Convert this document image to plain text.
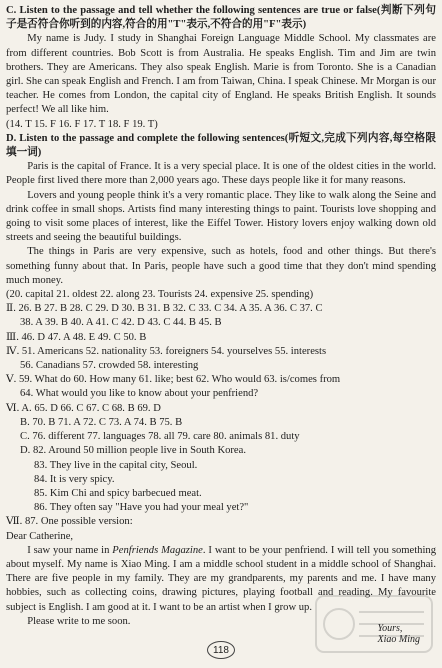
C. Listen to the passage and tell whether the following sentences are true or false(判断下列句子是否符合你听到的内容,符合的用"T"表示,不符合的用"F"表示)

My name is Judy. I study in Shanghai Foreign Language Middle School. My classmates are from different countries. Bob Scott is from Australia. He speaks English. Tim and Jim are twin brothers. They are Americans. They also speak English. Marie is from Toronto. She is a Canadian girl. She can speak English and French. I am from Taiwan, China. I speak Chinese. Mr Morgan is our teacher. He comes from London, the capital city of England. He speaks British English. It sounds perfect! We all like him.

(14. T 15. F 16. F 17. T 18. F 19. T)

D. Listen to the passage and complete the following sentences(听短文,完成下列内容,每空格限填一词)

Paris is the capital of France. It is a very special place. It is one of the oldest cities in the world. People first lived there more than 2,000 years ago. These days people like it for many reasons.

Lovers and young people think it's a very romantic place. They like to walk along the Seine and drink coffee in small shops. Artists find many interesting things to paint. Tourists love shopping and going to visit some places of interest, like the Eiffel Tower. History lovers enjoy walking down old streets and seeing the beautiful buildings.

The things in Paris are very expensive, such as hotels, food and other things. But there's something funny about that. In Paris, people have such a good time that they don't mind spending much money.

(20. capital 21. oldest 22. along 23. Tourists 24. expensive 25. spending)

Ⅱ. 26. B 27. B 28. C 29. D 30. B 31. B 32. C 33. C 34. A 35. A 36. C 37. C

38. A 39. B 40. A 41. C 42. D 43. C 44. B 45. B

Ⅲ. 46. D 47. A 48. E 49. C 50. B

Ⅳ. 51. Americans 52. nationality 53. foreigners 54. yourselves 55. interests

56. Canadians 57. crowded 58. interesting

Ⅴ. 59. What do 60. How many 61. like; best 62. Who would 63. is/comes from

64. What would you like to know about your penfriend?

Ⅵ. A. 65. D 66. C 67. C 68. B 69. D

B. 70. B 71. A 72. C 73. A 74. B 75. B

C. 76. different 77. languages 78. all 79. care 80. animals 81. duty

D. 82. Around 50 million people live in South Korea.

83. They live in the capital city, Seoul.

84. It is very spicy.

85. Kim Chi and spicy barbecued meat.

86. They often say "Have you had your meal yet?"

Ⅶ. 87. One possible version:

Dear Catherine,

I saw your name in Penfriends Magazine. I want to be your penfriend. I will tell you something about myself. My name is Xiao Ming. I am a middle school student in a middle school of Shanghai. There are five people in my family. They are my grandparents, my parents and me. I have many hobbies, such as collecting coins, drawing pictures, playing football and reading. My favourite subject is English. I am good at it. I want to be an artist when I grow up.

Please write to me soon.

Yours,
Xiao Ming
118
